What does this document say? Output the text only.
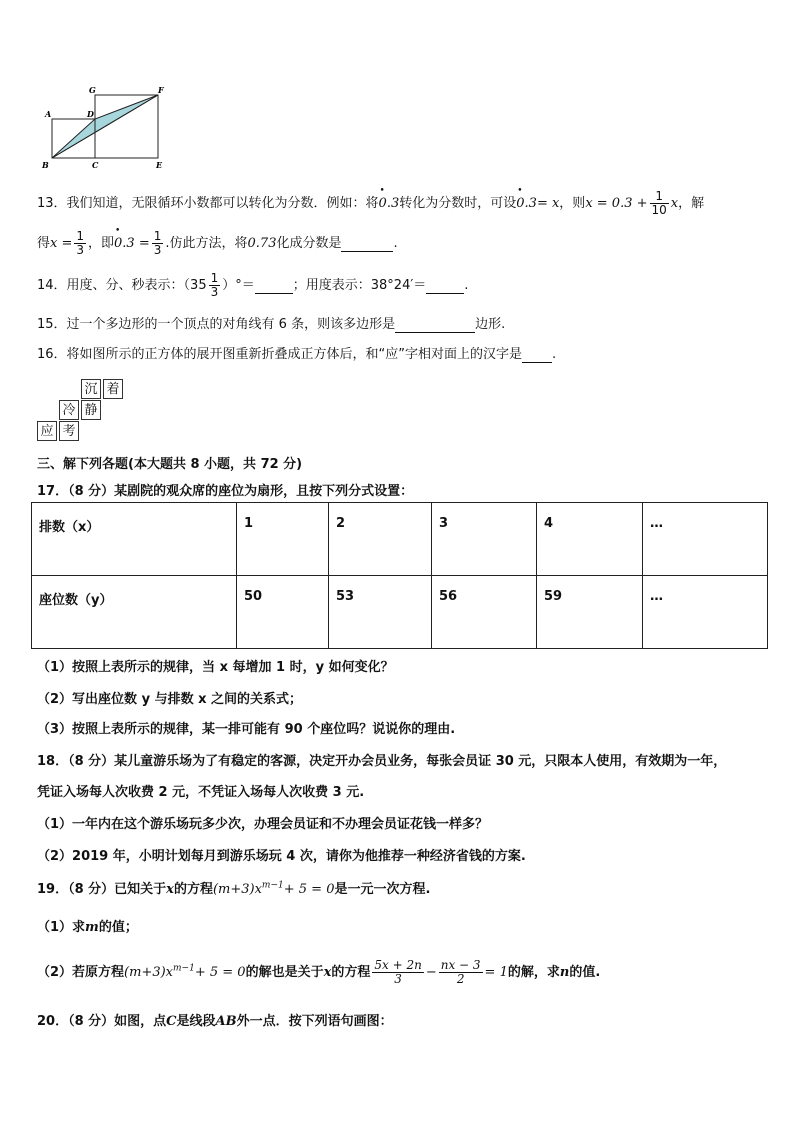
G	F
A	D
B	C	E
13．我们知道，无限循环小数都可以转化为分数．例如：将• 0.3转化为分数时，可设• 0.3= x，则$x = 0.3 + \frac{1}{10}$ x，解
得$x = \frac{1}{3}$ ，即• $0.3 = \frac{1}{3}$ .仿此方法，将0.73化成分数是	.
14．用度、分、秒表示：（$35 \frac{1}{3}$ ）°＝	；用度表示：38°24′＝	.
15．过一个多边形的一个顶点的对角线有 6 条，则该多边形是	边形.
16．将如图所示的正方体的展开图重新折叠成正方体后，和“应”字相对面上的汉字是 .
沉 着
冷 静
应 考
三、解下列各题(本大题共 8 小题，共 72 分)
17．（8 分）某剧院的观众席的座位为扇形，且按下列分式设置：
排数（x）	1	2	3	4	…
座位数（y）	50	53	56	59	…
（1）按照上表所示的规律，当 x 每增加 1 时，y 如何变化？
（2）写出座位数 y 与排数 x 之间的关系式；
（3）按照上表所示的规律，某一排可能有 90 个座位吗？说说你的理由.
18．（8 分）某儿童游乐场为了有稳定的客源，决定开办会员业务，每张会员证 30 元，只限本人使用，有效期为一年，
凭证入场每人次收费 2 元，不凭证入场每人次收费 3 元.
（1）一年内在这个游乐场玩多少次，办理会员证和不办理会员证花钱一样多？
（2）2019 年，小明计划每月到游乐场玩 4 次，请你为他推荐一种经济省钱的方案.
19．（8 分）已知关于x的方程$(m+3)x^{m-1}+ 5 = 0$是一元一次方程.
（1）求m的值；
（2）若原方程$(m+3)x^{m-1}+ 5 = 0$的解也是关于x的方程 $\frac{5x + 2n}{3} - \frac{nx - 3}{2} = 1$的解，求n的值.
20．（8 分）如图，点C是线段AB外一点．按下列语句画图：
